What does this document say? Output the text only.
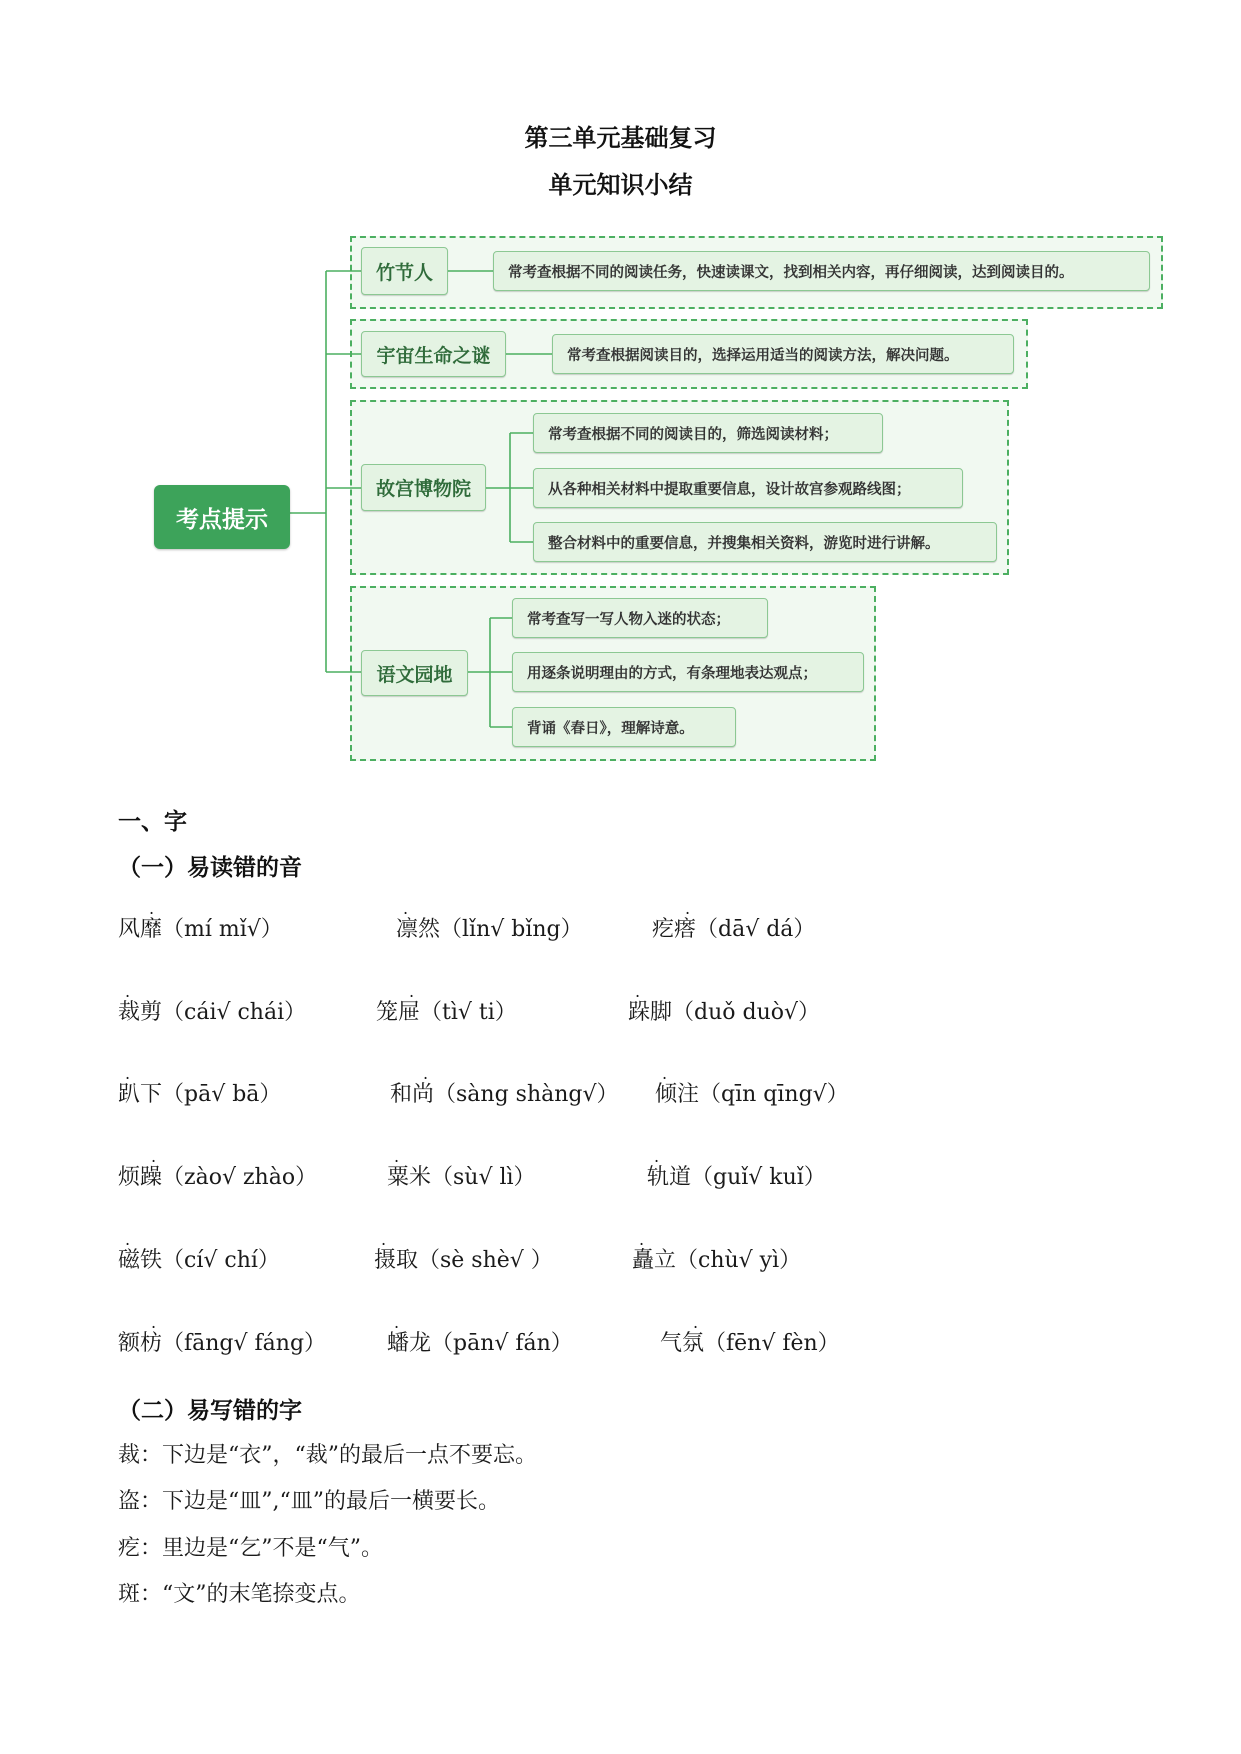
第三单元基础复习
单元知识小结
考点提示
竹节人	常考查根据不同的阅读任务，快速读课文，找到相关内容，再仔细阅读，达到阅读目的。
宇宙生命之谜	常考查根据阅读目的，选择运用适当的阅读方法，解决问题。
故宫博物院
常考查根据不同的阅读目的，筛选阅读材料；
从各种相关材料中提取重要信息，设计故宫参观路线图；
整合材料中的重要信息，并搜集相关资料，游览时进行讲解。
语文园地
常考查写一写人物入迷的状态；
用逐条说明理由的方式，有条理地表达观点；
背诵《春日》，理解诗意。
一、字
（一）易读错的音
.
风靡（mí mǐ√）
.
凛然（lǐn√ bǐng）
.
疙瘩（dā√ dá）
.
裁剪（cái√ chái）
.
笼屉（tì√ ti）
.
跺脚（duǒ duò√）
.
趴下（pā√ bā）
.
和尚（sàng shàng√）
.
倾注（qīn qīng√）
.
烦躁（zào√ zhào）
.
粟米（sù√ lì）
.
轨道（guǐ√ kuǐ）
.
磁铁（cí√ chí）
.
摄取（sè shè√ ）
.
矗立（chù√ yì）
.
额枋（fāng√ fáng）
.
蟠龙（pān√ fán）
.
气氛（fēn√ fèn）
（二）易写错的字
裁：下边是“衣”，“裁”的最后一点不要忘。
盗：下边是“皿”,“皿”的最后一横要长。
疙：里边是“乞”不是“气”。
斑：“文”的末笔捺变点。
